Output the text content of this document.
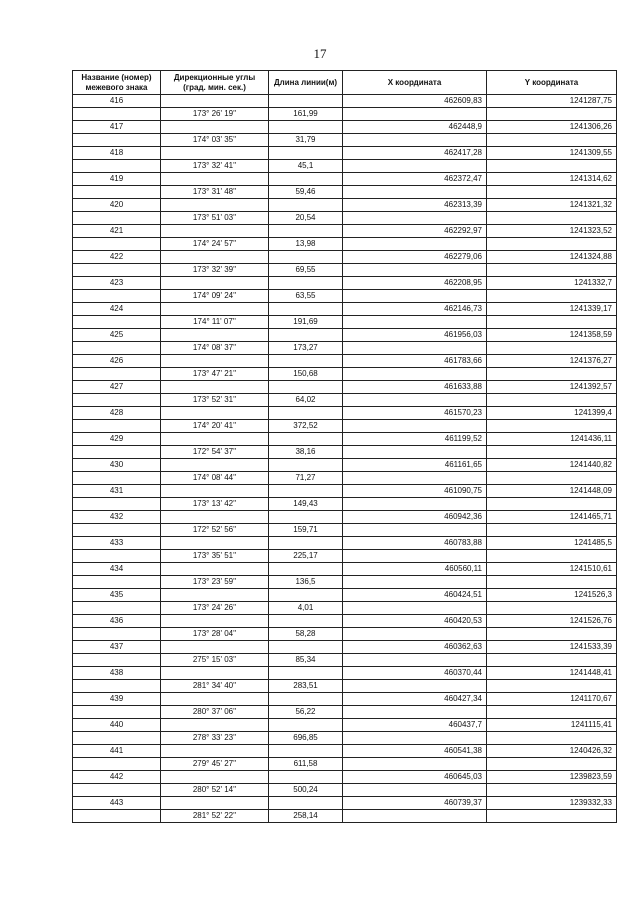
17
Название (номер) межевого знака	Дирекционные углы (град. мин. сек.)	Длина линии(м)	X координата	Y координата
416			462609,83	1241287,75
	173° 26' 19''	161,99		
417			462448,9	1241306,26
	174° 03' 35''	31,79		
418			462417,28	1241309,55
	173° 32' 41''	45,1		
419			462372,47	1241314,62
	173° 31' 48''	59,46		
420			462313,39	1241321,32
	173° 51' 03''	20,54		
421			462292,97	1241323,52
	174° 24' 57''	13,98		
422			462279,06	1241324,88
	173° 32' 39''	69,55		
423			462208,95	1241332,7
	174° 09' 24''	63,55		
424			462146,73	1241339,17
	174° 11' 07''	191,69		
425			461956,03	1241358,59
	174° 08' 37''	173,27		
426			461783,66	1241376,27
	173° 47' 21''	150,68		
427			461633,88	1241392,57
	173° 52' 31''	64,02		
428			461570,23	1241399,4
	174° 20' 41''	372,52		
429			461199,52	1241436,11
	172° 54' 37''	38,16		
430			461161,65	1241440,82
	174° 08' 44''	71,27		
431			461090,75	1241448,09
	173° 13' 42''	149,43		
432			460942,36	1241465,71
	172° 52' 56''	159,71		
433			460783,88	1241485,5
	173° 35' 51''	225,17		
434			460560,11	1241510,61
	173° 23' 59''	136,5		
435			460424,51	1241526,3
	173° 24' 26''	4,01		
436			460420,53	1241526,76
	173° 28' 04''	58,28		
437			460362,63	1241533,39
	275° 15' 03''	85,34		
438			460370,44	1241448,41
	281° 34' 40''	283,51		
439			460427,34	1241170,67
	280° 37' 06''	56,22		
440			460437,7	1241115,41
	278° 33' 23''	696,85		
441			460541,38	1240426,32
	279° 45' 27''	611,58		
442			460645,03	1239823,59
	280° 52' 14''	500,24		
443			460739,37	1239332,33
	281° 52' 22''	258,14		
